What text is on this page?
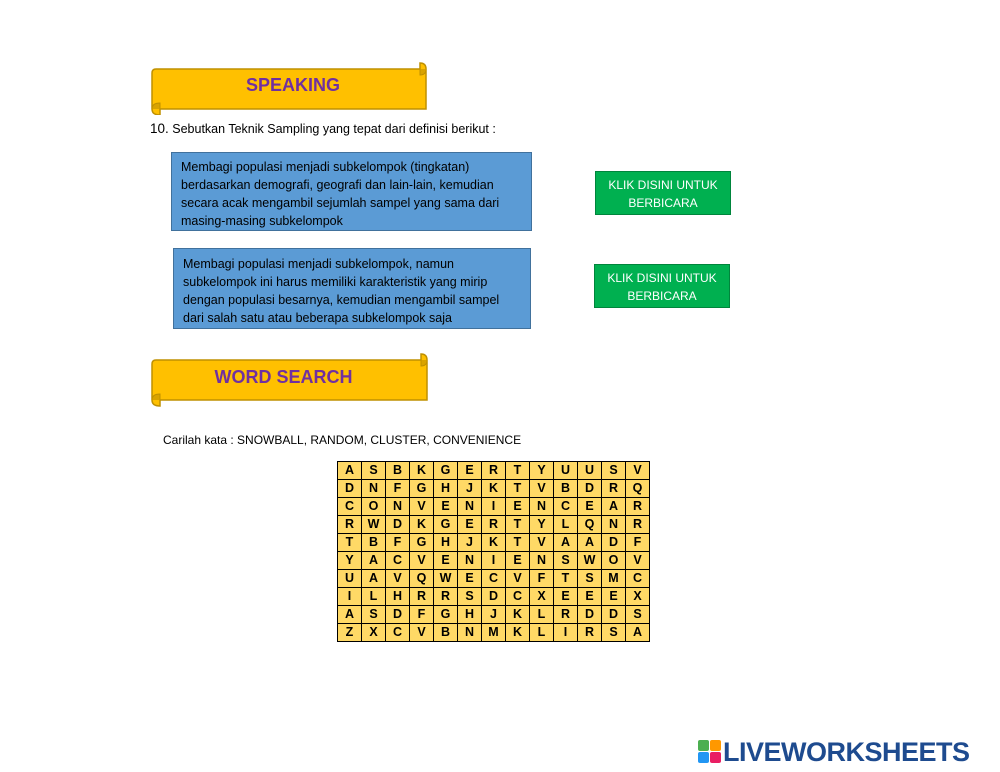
SPEAKING
10. Sebutkan Teknik Sampling yang tepat dari definisi berikut :
Membagi populasi menjadi subkelompok (tingkatan)
berdasarkan demografi, geografi dan lain-lain, kemudian
secara acak mengambil sejumlah sampel yang sama dari
masing-masing subkelompok
KLIK DISINI UNTUK
BERBICARA
Membagi populasi menjadi subkelompok, namun
subkelompok ini harus memiliki karakteristik yang mirip
dengan populasi besarnya, kemudian mengambil sampel
dari salah satu atau beberapa subkelompok saja
KLIK DISINI UNTUK
BERBICARA
WORD SEARCH
Carilah kata : SNOWBALL, RANDOM, CLUSTER, CONVENIENCE
A	S	B	K	G	E	R	T	Y	U	U	S	V
D	N	F	G	H	J	K	T	V	B	D	R	Q
C	O	N	V	E	N	I	E	N	C	E	A	R
R	W	D	K	G	E	R	T	Y	L	Q	N	R
T	B	F	G	H	J	K	T	V	A	A	D	F
Y	A	C	V	E	N	I	E	N	S	W	O	V
U	A	V	Q	W	E	C	V	F	T	S	M	C
I	L	H	R	R	S	D	C	X	E	E	E	X
A	S	D	F	G	H	J	K	L	R	D	D	S
Z	X	C	V	B	N	M	K	L	I	R	S	A
LIVEWORKSHEETS
